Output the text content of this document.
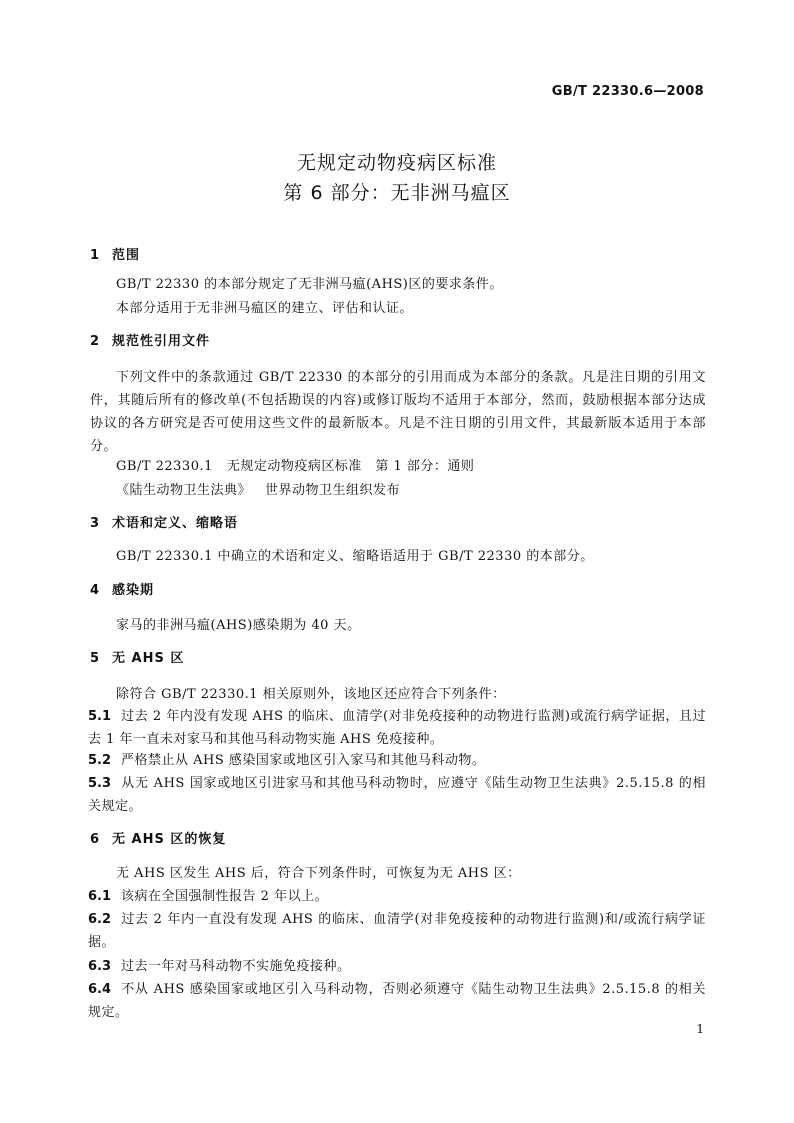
GB/T 22330.6—2008
无规定动物疫病区标准
第 6 部分：无非洲马瘟区
1 范围
GB/T 22330 的本部分规定了无非洲马瘟(AHS)区的要求条件。
本部分适用于无非洲马瘟区的建立、评估和认证。
2 规范性引用文件
下列文件中的条款通过 GB/T 22330 的本部分的引用而成为本部分的条款。凡是注日期的引用文件，其随后所有的修改单(不包括勘误的内容)或修订版均不适用于本部分，然而，鼓励根据本部分达成协议的各方研究是否可使用这些文件的最新版本。凡是不注日期的引用文件，其最新版本适用于本部分。
GB/T 22330.1 无规定动物疫病区标准　第 1 部分：通则
《陆生动物卫生法典》 世界动物卫生组织发布
3 术语和定义、缩略语
GB/T 22330.1 中确立的术语和定义、缩略语适用于 GB/T 22330 的本部分。
4 感染期
家马的非洲马瘟(AHS)感染期为 40 天。
5 无 AHS 区
除符合 GB/T 22330.1 相关原则外，该地区还应符合下列条件：
5.1 过去 2 年内没有发现 AHS 的临床、血清学(对非免疫接种的动物进行监测)或流行病学证据，且过去 1 年一直未对家马和其他马科动物实施 AHS 免疫接种。
5.2 严格禁止从 AHS 感染国家或地区引入家马和其他马科动物。
5.3 从无 AHS 国家或地区引进家马和其他马科动物时，应遵守《陆生动物卫生法典》2.5.15.8 的相关规定。
6 无 AHS 区的恢复
无 AHS 区发生 AHS 后，符合下列条件时，可恢复为无 AHS 区：
6.1 该病在全国强制性报告 2 年以上。
6.2 过去 2 年内一直没有发现 AHS 的临床、血清学(对非免疫接种的动物进行监测)和/或流行病学证据。
6.3 过去一年对马科动物不实施免疫接种。
6.4 不从 AHS 感染国家或地区引入马科动物，否则必须遵守《陆生动物卫生法典》2.5.15.8 的相关规定。
1
